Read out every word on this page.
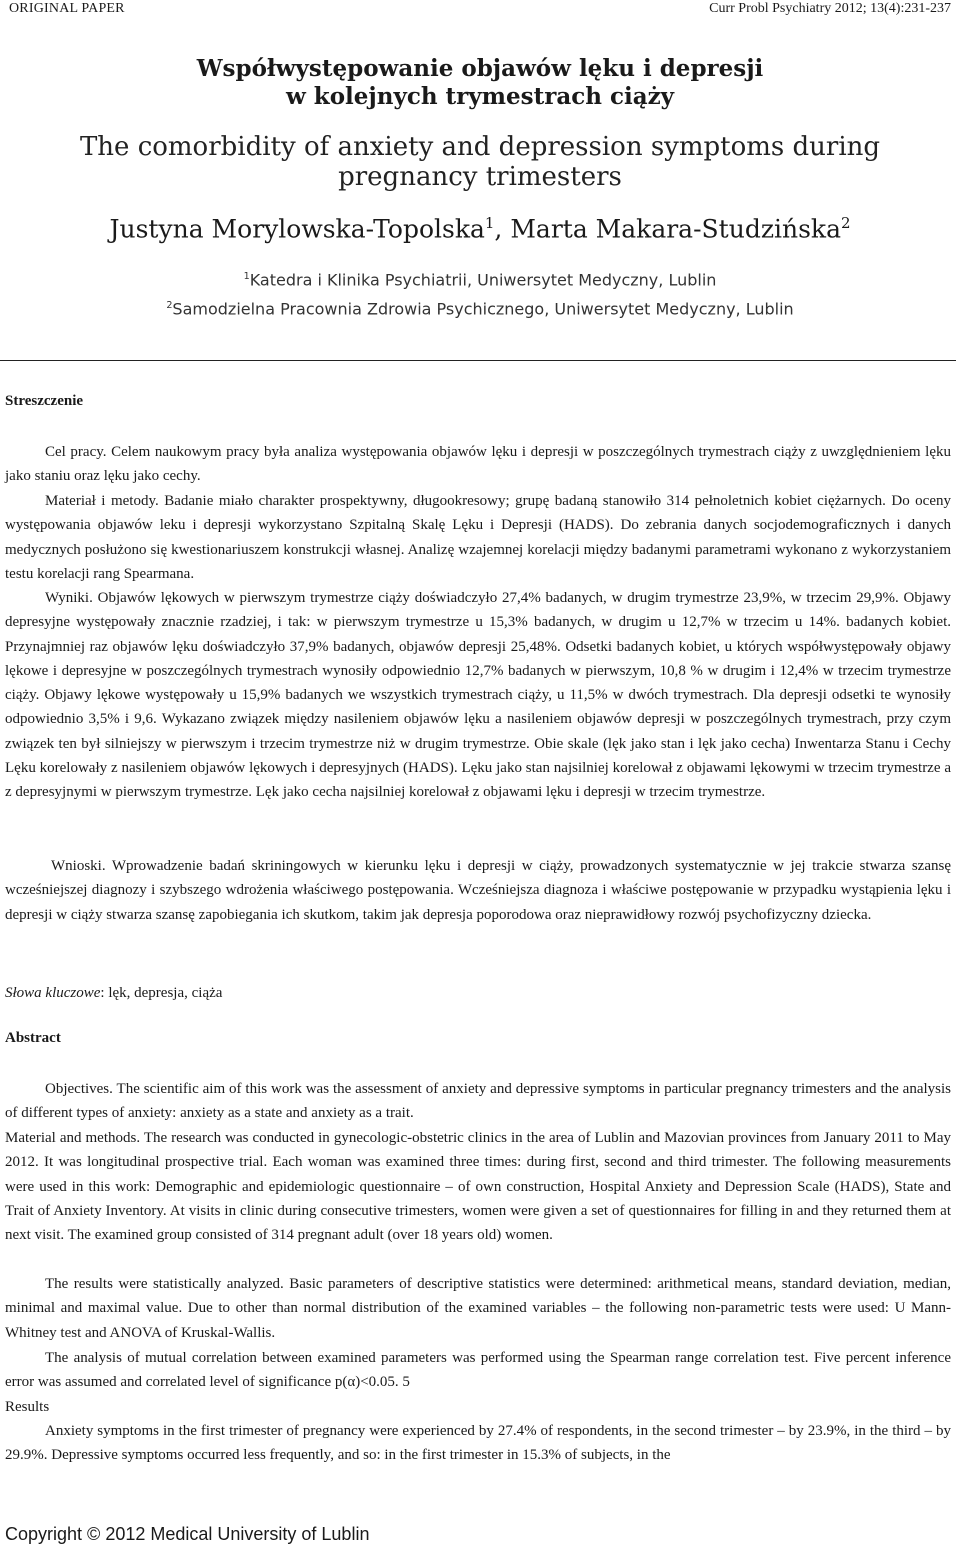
ORIGINAL PAPER	Curr Probl Psychiatry 2012; 13(4):231-237
Współwystępowanie objawów lęku i depresji
w kolejnych trymestrach ciąży
The comorbidity of anxiety and depression symptoms during
pregnancy trimesters
Justyna Morylowska-Topolska$^1$, Marta Makara-Studzińska$^2$
$^1$Katedra i Klinika Psychiatrii, Uniwersytet Medyczny, Lublin
$^2$Samodzielna Pracownia Zdrowia Psychicznego, Uniwersytet Medyczny, Lublin
Streszczenie
Cel pracy. Celem naukowym pracy była analiza występowania objawów lęku i depresji w poszczególnych trymestrach ciąży z uwzględnieniem lęku jako staniu oraz lęku jako cechy.
Materiał i metody. Badanie miało charakter prospektywny, długookresowy; grupę badaną stanowiło 314 pełnoletnich kobiet ciężarnych. Do oceny występowania objawów leku i depresji wykorzystano Szpitalną Skalę Lęku i Depresji (HADS). Do zebrania danych socjodemograficznych i danych medycznych posłużono się kwestionariuszem konstrukcji własnej. Analizę wzajemnej korelacji między badanymi parametrami wykonano z wykorzystaniem testu korelacji rang Spearmana.
Wyniki. Objawów lękowych w pierwszym trymestrze ciąży doświadczyło 27,4% badanych, w drugim trymestrze 23,9%, w trzecim 29,9%. Objawy depresyjne występowały znacznie rzadziej, i tak: w pierwszym trymestrze u 15,3% badanych, w drugim u 12,7% w trzecim u 14%. badanych kobiet. Przynajmniej raz objawów lęku doświadczyło 37,9% badanych, objawów depresji 25,48%. Odsetki badanych kobiet, u których współwystępowały objawy lękowe i depresyjne w poszczególnych trymestrach wynosiły odpowiednio 12,7% badanych w pierwszym, 10,8 % w drugim i 12,4% w trzecim trymestrze ciąży. Objawy lękowe występowały u 15,9% badanych we wszystkich trymestrach ciąży, u 11,5% w dwóch trymestrach. Dla depresji odsetki te wynosiły odpowiednio 3,5% i 9,6. Wykazano związek między nasileniem objawów lęku a nasileniem objawów depresji w poszczególnych trymestrach, przy czym związek ten był silniejszy w pierwszym i trzecim trymestrze niż w drugim trymestrze. Obie skale (lęk jako stan i lęk jako cecha) Inwentarza Stanu i Cechy Lęku korelowały z nasileniem objawów lękowych i depresyjnych (HADS). Lęku jako stan najsilniej korelował z objawami lękowymi w trzecim trymestrze a z depresyjnymi w pierwszym trymestrze. Lęk jako cecha najsilniej korelował z objawami lęku i depresji w trzecim trymestrze.
Wnioski. Wprowadzenie badań skriningowych w kierunku lęku i depresji w ciąży, prowadzonych systematycznie w jej trakcie stwarza szansę wcześniejszej diagnozy i szybszego wdrożenia właściwego postępowania. Wcześniejsza diagnoza i właściwe postępowanie w przypadku wystąpienia lęku i depresji w ciąży stwarza szansę zapobiegania ich skutkom, takim jak depresja poporodowa oraz nieprawidłowy rozwój psychofizyczny dziecka.
Słowa kluczowe: lęk, depresja, ciąża
Abstract
Objectives. The scientific aim of this work was the assessment of anxiety and depressive symptoms in particular pregnancy trimesters and the analysis of different types of anxiety: anxiety as a state and anxiety as a trait.
Material and methods. The research was conducted in gynecologic-obstetric clinics in the area of Lublin and Mazovian provinces from January 2011 to May 2012. It was longitudinal prospective trial. Each woman was examined three times: during first, second and third trimester. The following measurements were used in this work: Demographic and epidemiologic questionnaire – of own construction, Hospital Anxiety and Depression Scale (HADS), State and Trait of Anxiety Inventory. At visits in clinic during consecutive trimesters, women were given a set of questionnaires for filling in and they returned them at next visit. The examined group consisted of 314 pregnant adult (over 18 years old) women.
The results were statistically analyzed. Basic parameters of descriptive statistics were determined: arithmetical means, standard deviation, median, minimal and maximal value. Due to other than normal distribution of the examined variables – the following non-parametric tests were used: U Mann-Whitney test and ANOVA of Kruskal-Wallis.
The analysis of mutual correlation between examined parameters was performed using the Spearman range correlation test. Five percent inference error was assumed and correlated level of significance p(α)<0.05. 5
Results
Anxiety symptoms in the first trimester of pregnancy were experienced by 27.4% of respondents, in the second trimester – by 23.9%, in the third – by 29.9%. Depressive symptoms occurred less frequently, and so: in the first trimester in 15.3% of subjects, in the
Copyright © 2012 Medical University of Lublin
